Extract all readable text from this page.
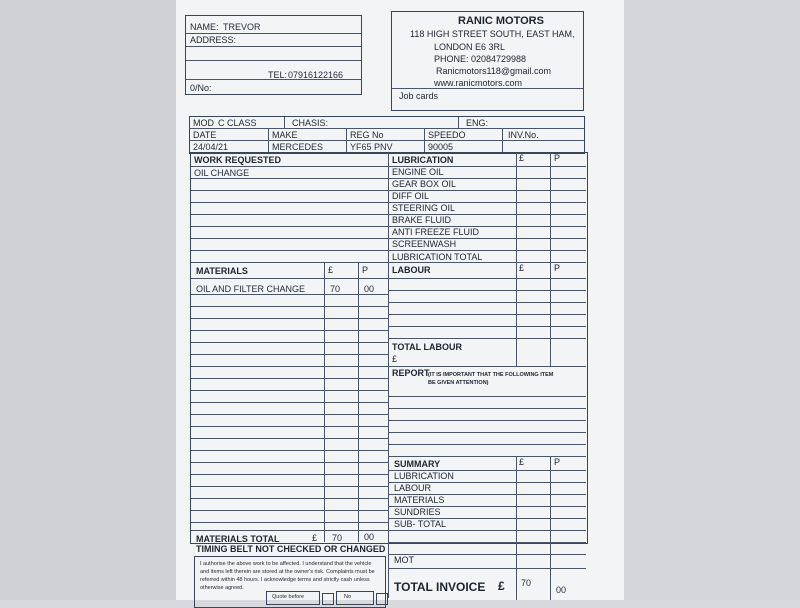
NAME: TREVOR
ADDRESS:
TEL: 07916122166
0/No:
RANIC MOTORS
118 HIGH STREET SOUTH, EAST HAM,
LONDON E6 3RL
PHONE: 02084729988
Ranicmotors118@gmail.com
www.ranicmotors.com
Job cards
MOD C CLASS	CHASIS:	ENG:
DATE	MAKE	REG No	SPEEDO	INV.No.
24/04/21	MERCEDES	YF65 PNV	90005
WORK REQUESTED
OIL CHANGE
LUBRICATION	£	P
ENGINE OIL
GEAR BOX OIL
DIFF OIL
STEERING OIL
BRAKE FLUID
ANTI FREEZE FLUID
SCREENWASH
LUBRICATION TOTAL
MATERIALS	£	P
OIL AND FILTER CHANGE	70	00
MATERIALS TOTAL	£ 70 00
LABOUR	£	P
TOTAL LABOUR
£
REPORT
(IT IS IMPORTANT THAT THE FOLLOWING ITEM BE GIVEN ATTENTION)
SUMMARY	£	P
LUBRICATION
LABOUR
MATERIALS
SUNDRIES
SUB- TOTAL
MOT
TOTAL INVOICE £ 70
00
TIMING BELT NOT CHECKED OR CHANGED
I authorise the above work to be affected. I understand that the vehicle
and items left therein are stored at the owner's risk. Complaints must be
referred within 48 hours. I acknowledge terms and strictly cash unless
otherwise agreed.
Quote before	No
